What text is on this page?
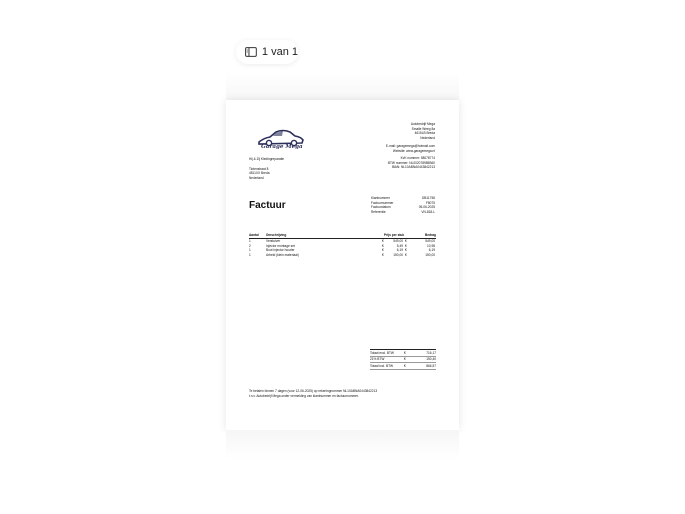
1 van 1
Garage Mega
Autobedrijf Mega
Smalle Weeg 8a
4615LB Breda
Nederland
E-mail: garagemega@hotmail.com
Website: www.garagemega.nl
KvK nummer: 58078774
BTW nummer: NL002078985B60
IBAN: NL10ABNA0443842213
Hij & Zij Kledingreparatie
Tiotenstraat 8
4811XX Breda
Nederland
Factuur
Klantnummer	DB11756
Factuurnummer	F8075
Factuurdatum	05-06-2025
Referentie	VN-818-L
Aantal	Omschrijving	Prijs per stuk	Bedrag
1	Verstuiver	€	549,00 €	549,00
2	Injector montage set	€	5,49 €	10,98
1	Bout injector houder	€	6,19 €	6,19
1	Arbeid (klein materiaal)	€	150,00 €	150,00
Totaal excl. BTW	€	716,17
21% BTW	€	150,40
Totaal incl. BTW	€	866,57
Te betalen binnen 7 dagen (voor 12-06-2025) op rekeningnummer NL10ABNA0443842213
t.n.v. Autobedrijf Mega onder vermelding van klantnummer en factuurnummer.
